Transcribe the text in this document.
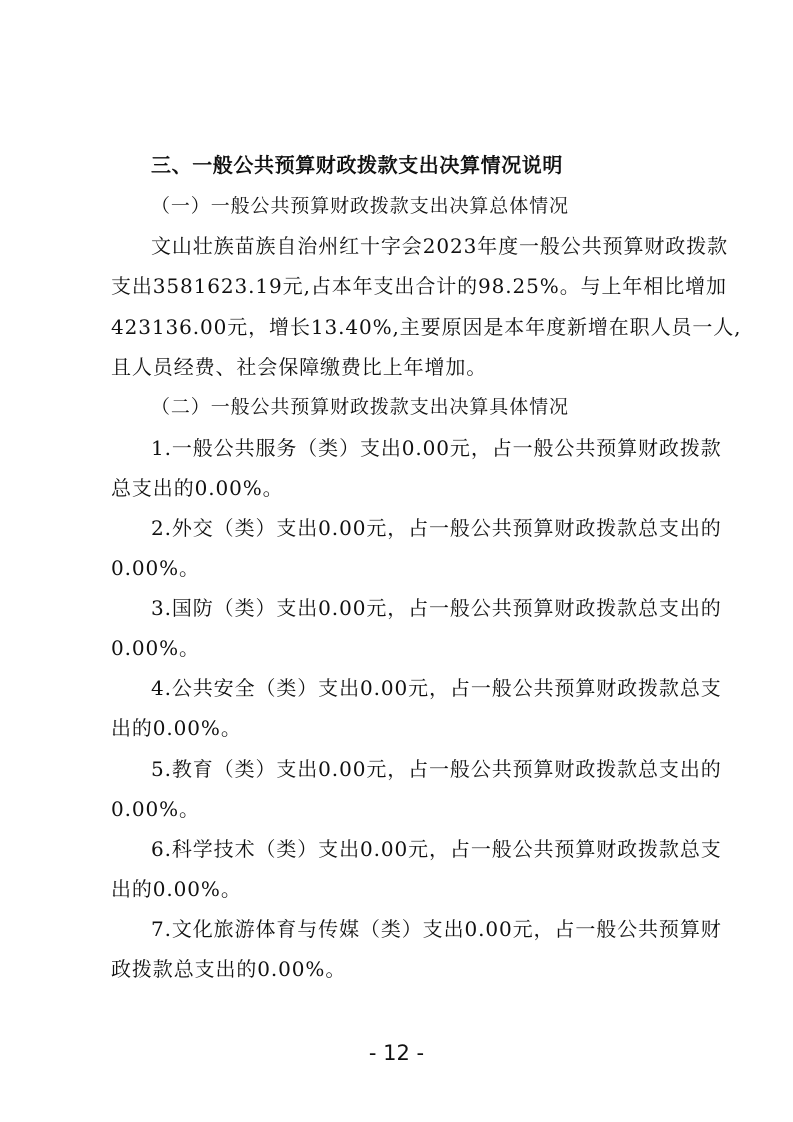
三、一般公共预算财政拨款支出决算情况说明
（一）一般公共预算财政拨款支出决算总体情况
文山壮族苗族自治州红十字会2023年度一般公共预算财政拨款
支出3581623.19元,占本年支出合计的98.25%。与上年相比增加
423136.00元，增长13.40%,主要原因是本年度新增在职人员一人,
且人员经费、社会保障缴费比上年增加。
（二）一般公共预算财政拨款支出决算具体情况
1.一般公共服务（类）支出0.00元，占一般公共预算财政拨款
总支出的0.00%。
2.外交（类）支出0.00元，占一般公共预算财政拨款总支出的
0.00%。
3.国防（类）支出0.00元，占一般公共预算财政拨款总支出的
0.00%。
4.公共安全（类）支出0.00元，占一般公共预算财政拨款总支
出的0.00%。
5.教育（类）支出0.00元，占一般公共预算财政拨款总支出的
0.00%。
6.科学技术（类）支出0.00元，占一般公共预算财政拨款总支
出的0.00%。
7.文化旅游体育与传媒（类）支出0.00元，占一般公共预算财
政拨款总支出的0.00%。
- 12 -
